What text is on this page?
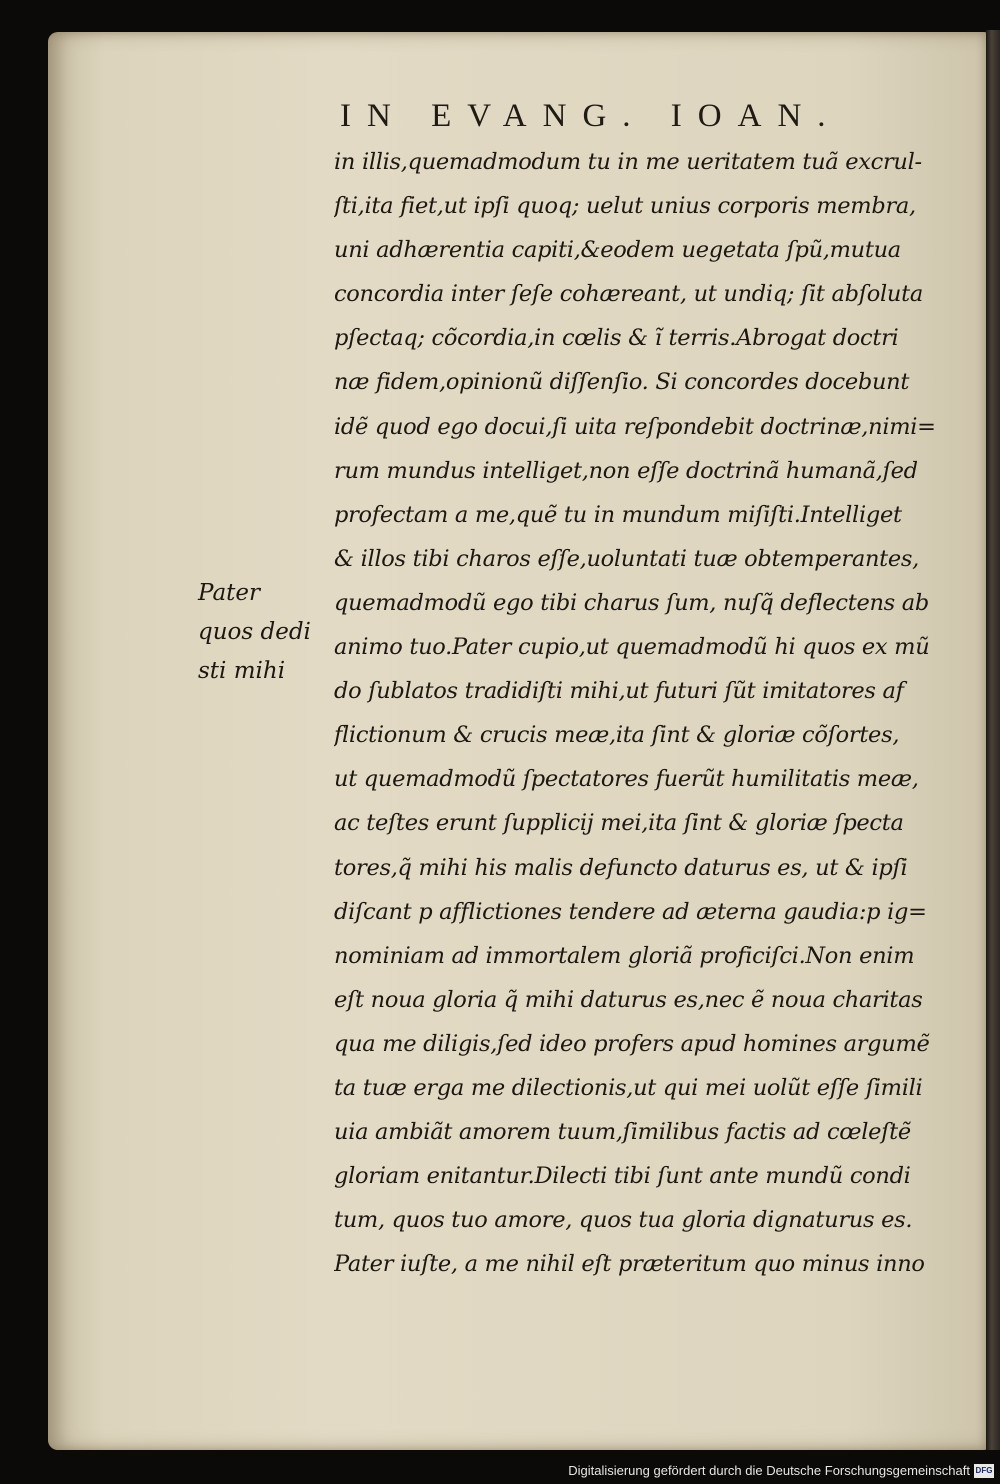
IN EVANG. IOAN.
Pater
quos dedi
sti mihi
in illis,quemadmodum tu in me ueritatem tuã excrul-
ſti,ita fiet,ut ipſi quoq; uelut unius corporis membra,
uni adhærentia capiti,&eodem uegetata ſpũ,mutua
concordia inter ſeſe cohæreant, ut undiq; ſit abſoluta
pſectaq; cõcordia,in cœlis & ĩ terris.Abrogat doctri
næ fidem,opinionũ diſſenſio. Si concordes docebunt
idẽ quod ego docui,ſi uita reſpondebit doctrinæ,nimi=
rum mundus intelliget,non eſſe doctrinã humanã,ſed
profectam a me,quẽ tu in mundum miſiſti.Intelliget
& illos tibi charos eſſe,uoluntati tuæ obtemperantes,
quemadmodũ ego tibi charus ſum, nuſq̃ deflectens ab
animo tuo.Pater cupio,ut quemadmodũ hi quos ex mũ
do ſublatos tradidiſti mihi,ut futuri ſũt imitatores af
flictionum & crucis meæ,ita ſint & gloriæ cõſortes,
ut quemadmodũ ſpectatores fuerũt humilitatis meæ,
ac teſtes erunt ſupplicij mei,ita ſint & gloriæ ſpecta
tores,q̃ mihi his malis defuncto daturus es, ut & ipſi
diſcant p afflictiones tendere ad æterna gaudia:p ig=
nominiam ad immortalem gloriã proficiſci.Non enim
eſt noua gloria q̃ mihi daturus es,nec ẽ noua charitas
qua me diligis,ſed ideo profers apud homines argumẽ
ta tuæ erga me dilectionis,ut qui mei uolũt eſſe ſimili
uia ambiãt amorem tuum,ſimilibus factis ad cœleſtẽ
gloriam enitantur.Dilecti tibi ſunt ante mundũ condi
tum, quos tuo amore, quos tua gloria dignaturus es.
Pater iuſte, a me nihil eſt præteritum quo minus inno
Digitalisierung gefördert durch die Deutsche Forschungsgemeinschaft DFG
